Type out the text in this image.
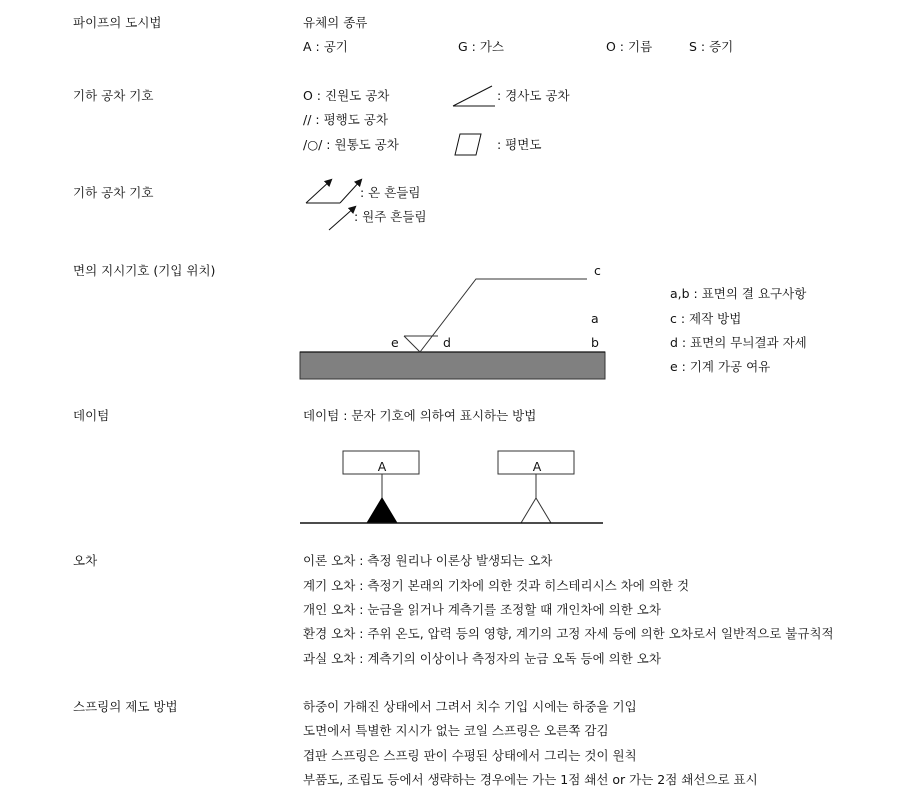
파이프의 도시법	유체의 종류
A : 공기	G : 가스	O : 기름	S : 증기
기하 공차 기호	O : 진원도 공차	: 경사도 공차
// : 평행도 공차
/○/ : 원통도 공차	: 평면도
기하 공차 기호	: 온 흔들림
: 원주 흔들림
면의 지시기호 (기입 위치)	c
a
e	d	b
a,b : 표면의 결 요구사항
c : 제작 방법
d : 표면의 무늬결과 자세
e : 기계 가공 여유
데이텀	데이텀 : 문자 기호에 의하여 표시하는 방법
A	A
오차	이론 오차 : 측정 원리나 이론상 발생되는 오차
계기 오차 : 측정기 본래의 기차에 의한 것과 히스테리시스 차에 의한 것
개인 오차 : 눈금을 읽거나 계측기를 조정할 때 개인차에 의한 오차
환경 오차 : 주위 온도, 압력 등의 영향, 계기의 고정 자세 등에 의한 오차로서 일반적으로 불규칙적
과실 오차 : 계측기의 이상이나 측정자의 눈금 오독 등에 의한 오차
스프링의 제도 방법	하중이 가해진 상태에서 그려서 치수 기입 시에는 하중을 기입
도면에서 특별한 지시가 없는 코일 스프링은 오른쪽 감김
겹판 스프링은 스프링 판이 수평된 상태에서 그리는 것이 원칙
부품도, 조립도 등에서 생략하는 경우에는 가는 1점 쇄선 or 가는 2점 쇄선으로 표시
